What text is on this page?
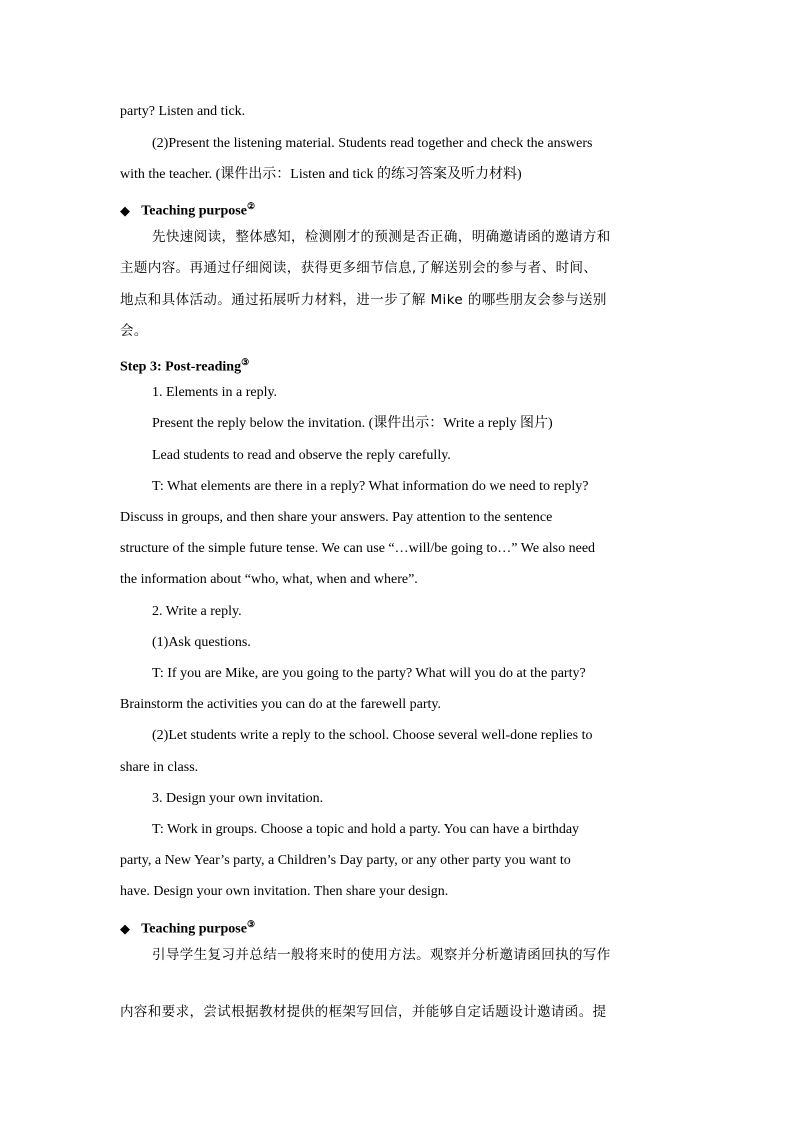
party? Listen and tick.
(2)Present the listening material. Students read together and check the answers
with the teacher. (课件出示：Listen and tick 的练习答案及听力材料)
◆ Teaching purpose②
先快速阅读，整体感知，检测刚才的预测是否正确，明确邀请函的邀请方和
主题内容。再通过仔细阅读，获得更多细节信息,了解送别会的参与者、时间、
地点和具体活动。通过拓展听力材料，进一步了解 Mike 的哪些朋友会参与送别
会。
Step 3: Post-reading③
1. Elements in a reply.
Present the reply below the invitation. (课件出示：Write a reply 图片)
Lead students to read and observe the reply carefully.
T: What elements are there in a reply? What information do we need to reply?
Discuss in groups, and then share your answers. Pay attention to the sentence
structure of the simple future tense. We can use “…will/be going to…” We also need
the information about “who, what, when and where”.
2. Write a reply.
(1)Ask questions.
T: If you are Mike, are you going to the party? What will you do at the party?
Brainstorm the activities you can do at the farewell party.
(2)Let students write a reply to the school. Choose several well-done replies to
share in class.
3. Design your own invitation.
T: Work in groups. Choose a topic and hold a party. You can have a birthday
party, a New Year’s party, a Children’s Day party, or any other party you want to
have. Design your own invitation. Then share your design.
◆ Teaching purpose③
引导学生复习并总结一般将来时的使用方法。观察并分析邀请函回执的写作
内容和要求，尝试根据教材提供的框架写回信，并能够自定话题设计邀请函。提
